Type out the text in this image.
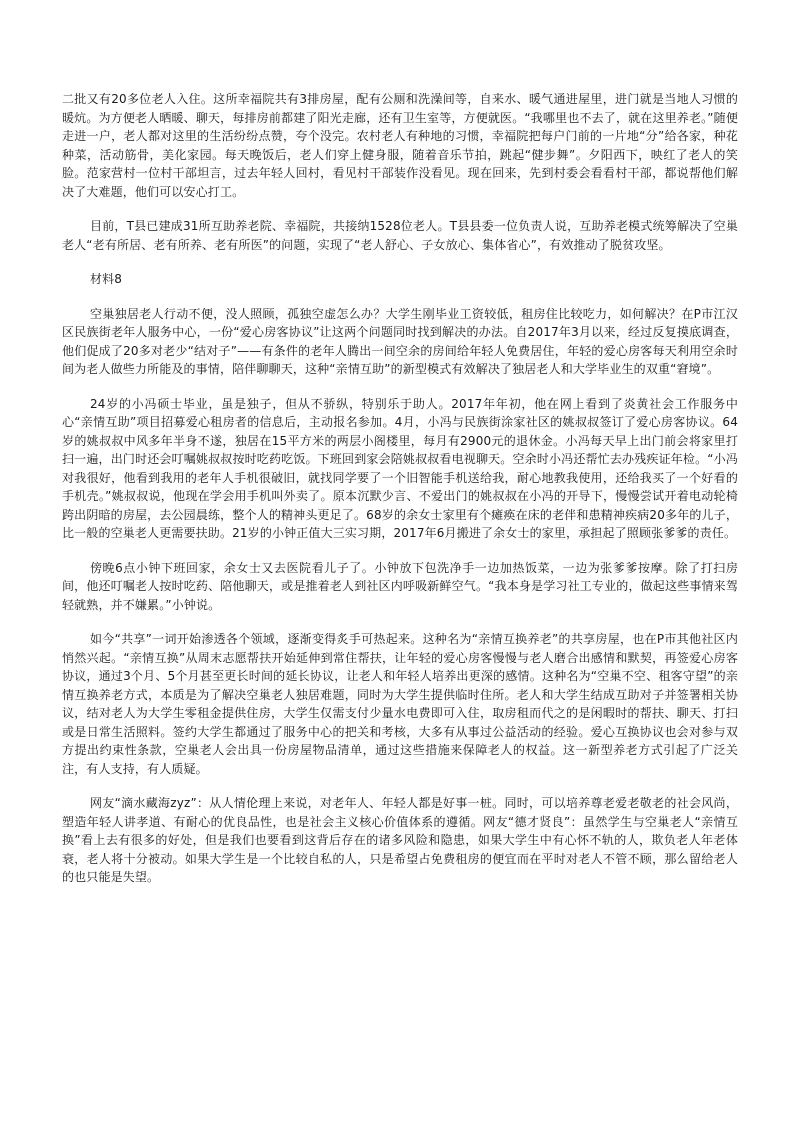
二批又有20多位老人入住。这所幸福院共有3排房屋，配有公厕和洗澡间等，自来水、暖气通进屋里，进门就是当地人习惯的暖炕。为方便老人晒暖、聊天，每排房前都建了阳光走廊，还有卫生室等，方便就医。“我哪里也不去了，就在这里养老。”随便走进一户，老人都对这里的生活纷纷点赞，夸个没完。农村老人有种地的习惯，幸福院把每户门前的一片地“分”给各家，种花种菜，活动筋骨，美化家园。每天晚饭后，老人们穿上健身服，随着音乐节拍，跳起“健步舞”。夕阳西下，映红了老人的笑脸。范家营村一位村干部坦言，过去年轻人回村，看见村干部装作没看见。现在回来，先到村委会看看村干部，都说帮他们解决了大难题，他们可以安心打工。

目前，T县已建成31所互助养老院、幸福院，共接纳1528位老人。T县县委一位负责人说，互助养老模式统筹解决了空巢老人“老有所居、老有所养、老有所医”的问题，实现了“老人舒心、子女放心、集体省心”，有效推动了脱贫攻坚。

材料8

空巢独居老人行动不便，没人照顾，孤独空虚怎么办？大学生刚毕业工资较低，租房住比较吃力，如何解决？在P市江汉区民族街老年人服务中心，一份“爱心房客协议”让这两个问题同时找到解决的办法。自2017年3月以来，经过反复摸底调查，他们促成了20多对老少“结对子”——有条件的老年人腾出一间空余的房间给年轻人免费居住，年轻的爱心房客每天利用空余时间为老人做些力所能及的事情，陪伴聊聊天，这种“亲情互助”的新型模式有效解决了独居老人和大学毕业生的双重“窘境”。

24岁的小冯硕士毕业，虽是独子，但从不骄纵，特别乐于助人。2017年年初，他在网上看到了炎黄社会工作服务中心“亲情互助”项目招募爱心租房者的信息后，主动报名参加。4月，小冯与民族街涂家社区的姚叔叔签订了爱心房客协议。64岁的姚叔叔中风多年半身不遂，独居在15平方米的两层小阁楼里，每月有2900元的退休金。小冯每天早上出门前会将家里打扫一遍，出门时还会叮嘱姚叔叔按时吃药吃饭。下班回到家会陪姚叔叔看电视聊天。空余时小冯还帮忙去办残疾证年检。“小冯对我很好，他看到我用的老年人手机很破旧，就找同学要了一个旧智能手机送给我，耐心地教我使用，还给我买了一个好看的手机壳。”姚叔叔说，他现在学会用手机叫外卖了。原本沉默少言、不爱出门的姚叔叔在小冯的开导下，慢慢尝试开着电动轮椅跨出阴暗的房屋，去公园晨练，整个人的精神头更足了。68岁的余女士家里有个瘫痪在床的老伴和患精神疾病20多年的儿子，比一般的空巢老人更需要扶助。21岁的小钟正值大三实习期，2017年6月搬进了余女士的家里，承担起了照顾张爹爹的责任。

傍晚6点小钟下班回家，余女士又去医院看儿子了。小钟放下包洗净手一边加热饭菜，一边为张爹爹按摩。除了打扫房间，他还叮嘱老人按时吃药、陪他聊天，或是推着老人到社区内呼吸新鲜空气。“我本身是学习社工专业的，做起这些事情来驾轻就熟，并不嫌累。”小钟说。

如今“共享”一词开始渗透各个领域，逐渐变得炙手可热起来。这种名为“亲情互换养老”的共享房屋，也在P市其他社区内悄然兴起。“亲情互换”从周末志愿帮扶开始延伸到常住帮扶，让年轻的爱心房客慢慢与老人磨合出感情和默契，再签爱心房客协议，通过3个月、5个月甚至更长时间的延长协议，让老人和年轻人培养出更深的感情。这种名为“空巢不空、租客守望”的亲情互换养老方式，本质是为了解决空巢老人独居难题，同时为大学生提供临时住所。老人和大学生结成互助对子并签署相关协议，结对老人为大学生零租金提供住房，大学生仅需支付少量水电费即可入住，取房租而代之的是闲暇时的帮扶、聊天、打扫或是日常生活照料。签约大学生都通过了服务中心的把关和考核，大多有从事过公益活动的经验。爱心互换协议也会对参与双方提出约束性条款，空巢老人会出具一份房屋物品清单，通过这些措施来保障老人的权益。这一新型养老方式引起了广泛关注，有人支持，有人质疑。

网友“滴水藏海zyz”：从人情伦理上来说，对老年人、年轻人都是好事一桩。同时，可以培养尊老爱老敬老的社会风尚，塑造年轻人讲孝道、有耐心的优良品性，也是社会主义核心价值体系的遵循。网友“德才贤良”：虽然学生与空巢老人“亲情互换”看上去有很多的好处，但是我们也要看到这背后存在的诸多风险和隐患，如果大学生中有心怀不轨的人，欺负老人年老体衰，老人将十分被动。如果大学生是一个比较自私的人，只是希望占免费租房的便宜而在平时对老人不管不顾，那么留给老人的也只能是失望。
